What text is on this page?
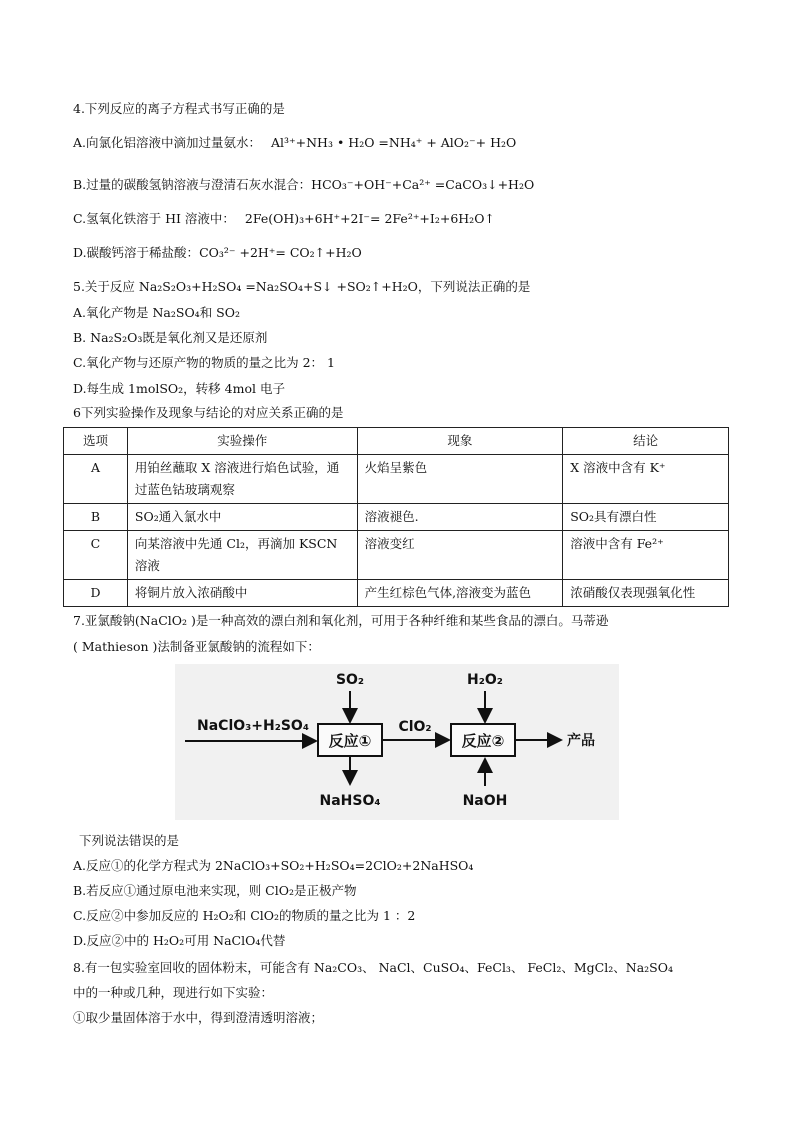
4.下列反应的离子方程式书写正确的是
A.向氯化铝溶液中滴加过量氨水： Al³⁺+NH₃ • H₂O =NH₄⁺ + AlO₂⁻+ H₂O
B.过量的碳酸氢钠溶液与澄清石灰水混合：HCO₃⁻+OH⁻+Ca²⁺ =CaCO₃↓+H₂O
C.氢氧化铁溶于 HI 溶液中： 2Fe(OH)₃+6H⁺+2I⁻= 2Fe²⁺+I₂+6H₂O↑
D.碳酸钙溶于稀盐酸：CO₃²⁻ +2H⁺= CO₂↑+H₂O
5.关于反应 Na₂S₂O₃+H₂SO₄ =Na₂SO₄+S↓ +SO₂↑+H₂O，下列说法正确的是
A.氧化产物是 Na₂SO₄和 SO₂
B. Na₂S₂O₃既是氧化剂又是还原剂
C.氧化产物与还原产物的物质的量之比为 2： 1
D.每生成 1molSO₂，转移 4mol 电子
6下列实验操作及现象与结论的对应关系正确的是
选项	实验操作	现象	结论
A	用铂丝蘸取 X 溶液进行焰色试验，通过蓝色钴玻璃观察	火焰呈紫色	X 溶液中含有 K⁺
B	SO₂通入氯水中	溶液褪色.	SO₂具有漂白性
C	向某溶液中先通 Cl₂，再滴加 KSCN 溶液	溶液变红	溶液中含有 Fe²⁺
D	将铜片放入浓硝酸中	产生红棕色气体,溶液变为蓝色	浓硝酸仅表现强氧化性
7.亚氯酸钠(NaClO₂ )是一种高效的漂白剂和氧化剂，可用于各种纤维和某些食品的漂白。马蒂逊
( Mathieson )法制备亚氯酸钠的流程如下：
NaClO₃+H₂SO₄
反应①
SO₂
NaHSO₄
ClO₂
反应②
H₂O₂
NaOH
产品
下列说法错误的是
A.反应①的化学方程式为 2NaClO₃+SO₂+H₂SO₄=2ClO₂+2NaHSO₄
B.若反应①通过原电池来实现，则 ClO₂是正极产物
C.反应②中参加反应的 H₂O₂和 ClO₂的物质的量之比为 1 ：2
D.反应②中的 H₂O₂可用 NaClO₄代替
8.有一包实验室回收的固体粉末，可能含有 Na₂CO₃、 NaCl、CuSO₄、FeCl₃、 FeCl₂、MgCl₂、Na₂SO₄
中的一种或几种，现进行如下实验：
①取少量固体溶于水中，得到澄清透明溶液；
